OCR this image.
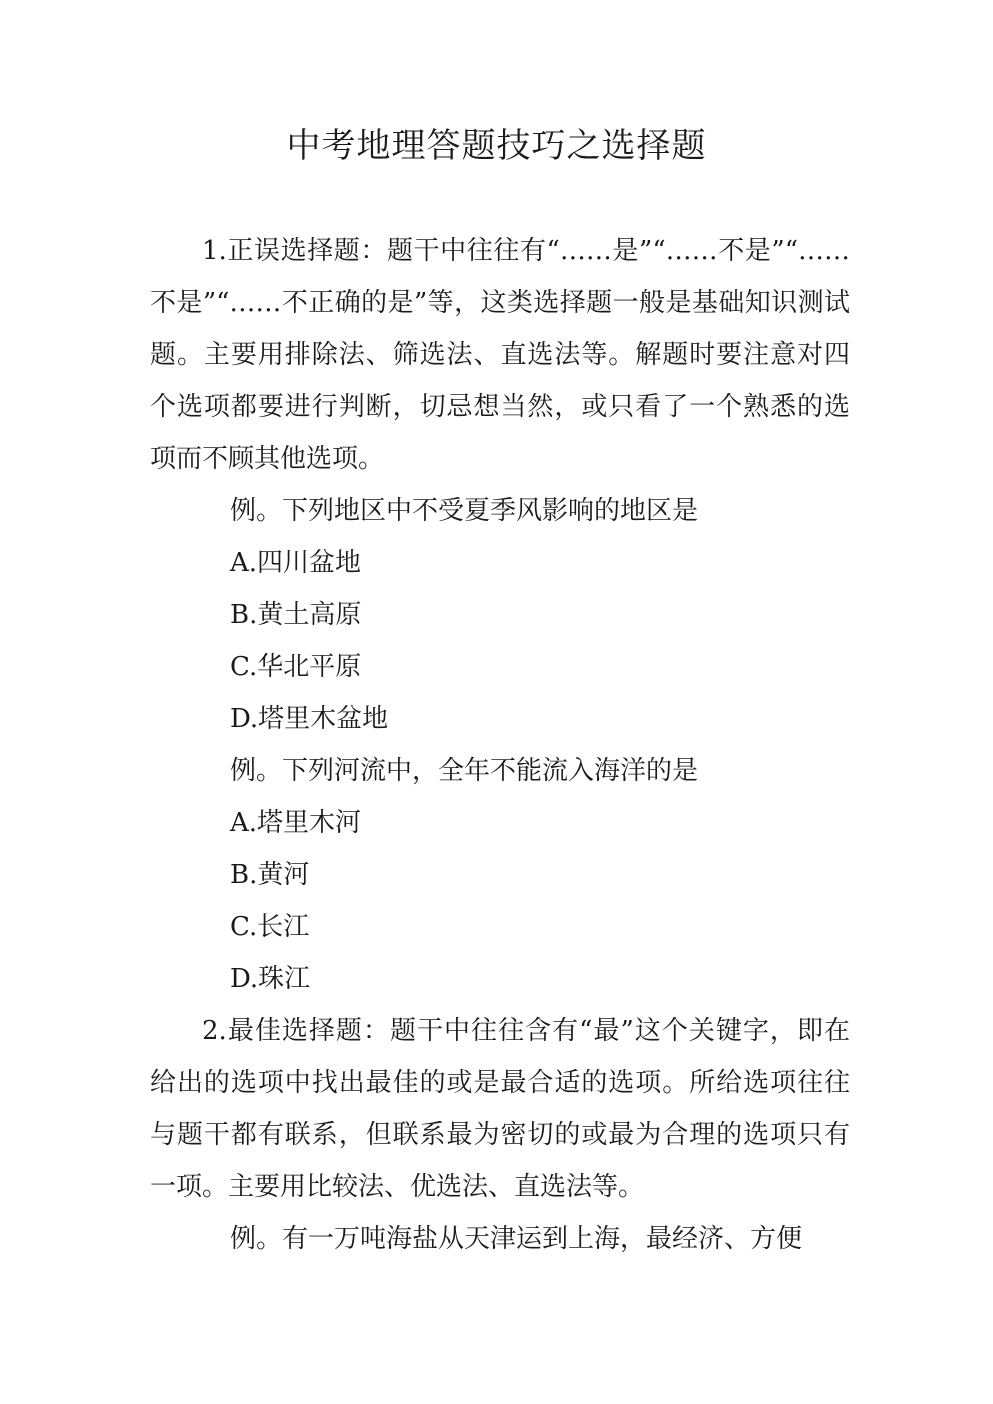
中考地理答题技巧之选择题

1.正误选择题：题干中往往有“……是”“……不是”“……不是”“……不正确的是”等，这类选择题一般是基础知识测试题。主要用排除法、筛选法、直选法等。解题时要注意对四个选项都要进行判断，切忌想当然，或只看了一个熟悉的选项而不顾其他选项。

例。下列地区中不受夏季风影响的地区是

A.四川盆地

B.黄土高原

C.华北平原

D.塔里木盆地

例。下列河流中，全年不能流入海洋的是

A.塔里木河

B.黄河

C.长江

D.珠江

2.最佳选择题：题干中往往含有“最”这个关键字，即在给出的选项中找出最佳的或是最合适的选项。所给选项往往与题干都有联系，但联系最为密切的或最为合理的选项只有一项。主要用比较法、优选法、直选法等。

例。有一万吨海盐从天津运到上海，最经济、方便
